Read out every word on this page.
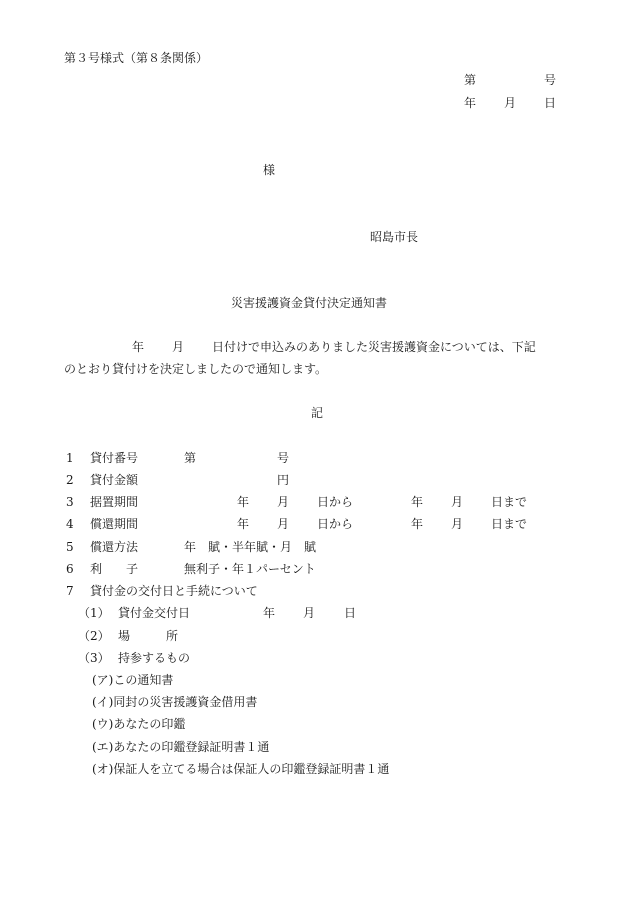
第３号様式（第８条関係）
第	号
年 月 日
様
昭島市長
災害援護資金貸付決定通知書
年 月 日付けで申込みのありました災害援護資金については、下記
のとおり貸付けを決定しましたので通知します。
記
1 貸付番号	第	号
2 貸付金額	円
3 据置期間	年 月 日から	年 月 日まで
4 償還期間	年 月 日から	年 月 日まで
5 償還方法	年　賦・半年賦・月　賦
6 利　　子	無利子・年１パーセント
7 貸付金の交付日と手続について
（1） 貸付金交付日	年 月 日
（2） 場　　　所
（3） 持参するもの
(ア)この通知書
(イ)同封の災害援護資金借用書
(ウ)あなたの印鑑
(エ)あなたの印鑑登録証明書１通
(オ)保証人を立てる場合は保証人の印鑑登録証明書１通
